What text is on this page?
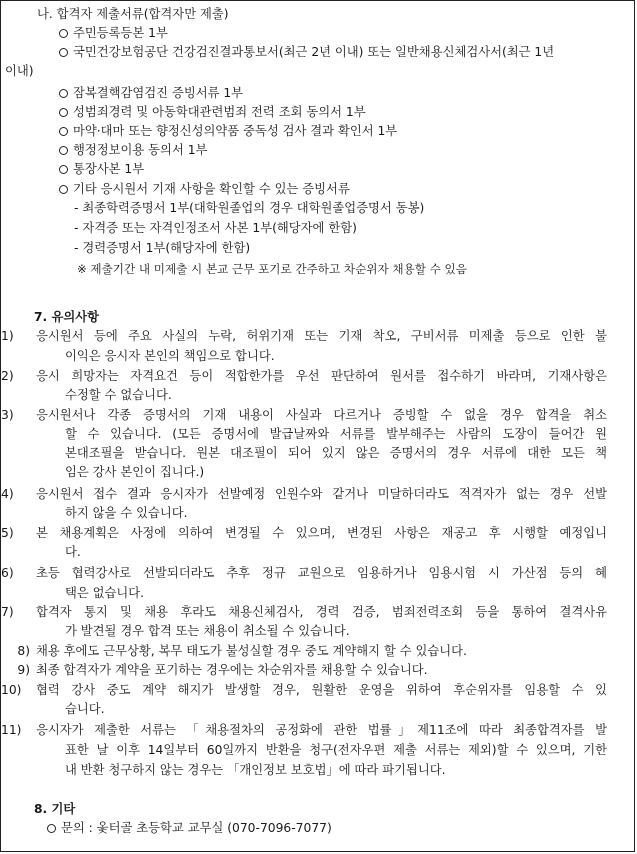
나. 합격자 제출서류(합격자만 제출)
주민등록등본 1부
국민건강보험공단 건강검진결과통보서(최근 2년 이내) 또는 일반채용신체검사서(최근 1년
이내)
잠복결핵감염검진 증빙서류 1부
성범죄경력 및 아동학대관련범죄 전력 조회 동의서 1부
마약·대마 또는 향정신성의약품 중독성 검사 결과 확인서 1부
행정정보이용 동의서 1부
통장사본 1부
기타 응시원서 기재 사항을 확인할 수 있는 증빙서류
- 최종학력증명서 1부(대학원졸업의 경우 대학원졸업증명서 동봉)
- 자격증 또는 자격인정조서 사본 1부(해당자에 한함)
- 경력증명서 1부(해당자에 한함)
※ 제출기간 내 미제출 시 본교 근무 포기로 간주하고 차순위자 채용할 수 있음
7. 유의사항
1) 응시원서 등에 주요 사실의 누락, 허위기재 또는 기재 착오, 구비서류 미제출 등으로 인한 불
이익은 응시자 본인의 책임으로 합니다.
2) 응시 희망자는 자격요건 등이 적합한가를 우선 판단하여 원서를 접수하기 바라며, 기재사항은
수정할 수 없습니다.
3) 응시원서나 각종 증명서의 기재 내용이 사실과 다르거나 증빙할 수 없을 경우 합격을 취소
할 수 있습니다. (모든 증명서에 발급날짜와 서류를 발부해주는 사람의 도장이 들어간 원
본대조필을 받습니다. 원본 대조필이 되어 있지 않은 증명서의 경우 서류에 대한 모든 책
임은 강사 본인이 집니다.)
4) 응시원서 접수 결과 응시자가 선발예정 인원수와 같거나 미달하더라도 적격자가 없는 경우 선발
하지 않을 수 있습니다.
5) 본 채용계획은 사정에 의하여 변경될 수 있으며, 변경된 사항은 재공고 후 시행할 예정입니
다.
6) 초등 협력강사로 선발되더라도 추후 정규 교원으로 임용하거나 임용시험 시 가산점 등의 혜
택은 없습니다.
7) 합격자 통지 및 채용 후라도 채용신체검사, 경력 검증, 범죄전력조회 등을 통하여 결격사유
가 발견될 경우 합격 또는 채용이 취소될 수 있습니다.
8) 채용 후에도 근무상황, 복무 태도가 불성실할 경우 중도 계약해지 할 수 있습니다.
9) 최종 합격자가 계약을 포기하는 경우에는 차순위자를 채용할 수 있습니다.
10) 협력 강사 중도 계약 해지가 발생할 경우, 원활한 운영을 위하여 후순위자를 임용할 수 있
습니다.
11) 응시자가 제출한 서류는 「채용절차의 공정화에 관한 법률」제11조에 따라 최종합격자를 발
표한 날 이후 14일부터 60일까지 반환을 청구(전자우편 제출 서류는 제외)할 수 있으며, 기한
내 반환 청구하지 않는 경우는 「개인정보 보호법」에 따라 파기됩니다.
8. 기타
문의 : 옻터골 초등학교 교무실 (070-7096-7077)
